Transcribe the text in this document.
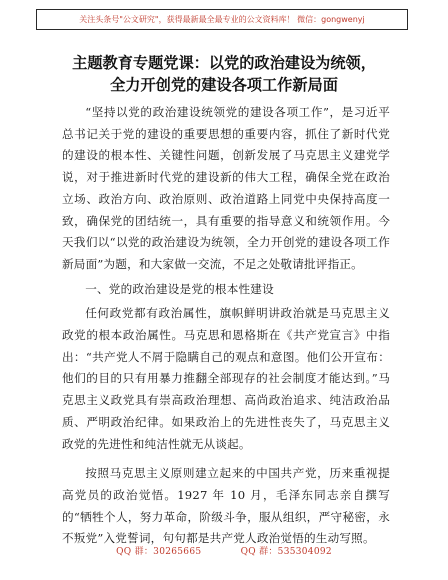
关注头条号"公文研究"，获得最新最全最专业的公文资料库！ 微信：gongwenyj
主题教育专题党课：以党的政治建设为统领，
全力开创党的建设各项工作新局面

“坚持以党的政治建设统领党的建设各项工作”，是习近平总书记关于党的建设的重要思想的重要内容，抓住了新时代党的建设的根本性、关键性问题，创新发展了马克思主义建党学说，对于推进新时代党的建设新的伟大工程，确保全党在政治立场、政治方向、政治原则、政治道路上同党中央保持高度一致，确保党的团结统一，具有重要的指导意义和统领作用。今天我们以“以党的政治建设为统领，全力开创党的建设各项工作新局面”为题，和大家做一交流，不足之处敬请批评指正。

一、党的政治建设是党的根本性建设

任何政党都有政治属性，旗帜鲜明讲政治就是马克思主义政党的根本政治属性。马克思和恩格斯在《共产党宣言》中指出：“共产党人不屑于隐瞒自己的观点和意图。他们公开宣布：他们的目的只有用暴力推翻全部现存的社会制度才能达到。”马克思主义政党具有崇高政治理想、高尚政治追求、纯洁政治品质、严明政治纪律。如果政治上的先进性丧失了，马克思主义政党的先进性和纯洁性就无从谈起。

按照马克思主义原则建立起来的中国共产党，历来重视提高党员的政治觉悟。1927 年 10 月，毛泽东同志亲自撰写的“牺牲个人，努力革命，阶级斗争，服从组织，严守秘密，永不叛党”入党誓词，句句都是共产党人政治觉悟的生动写照。

QQ 群：30265665	QQ 群：535304092
